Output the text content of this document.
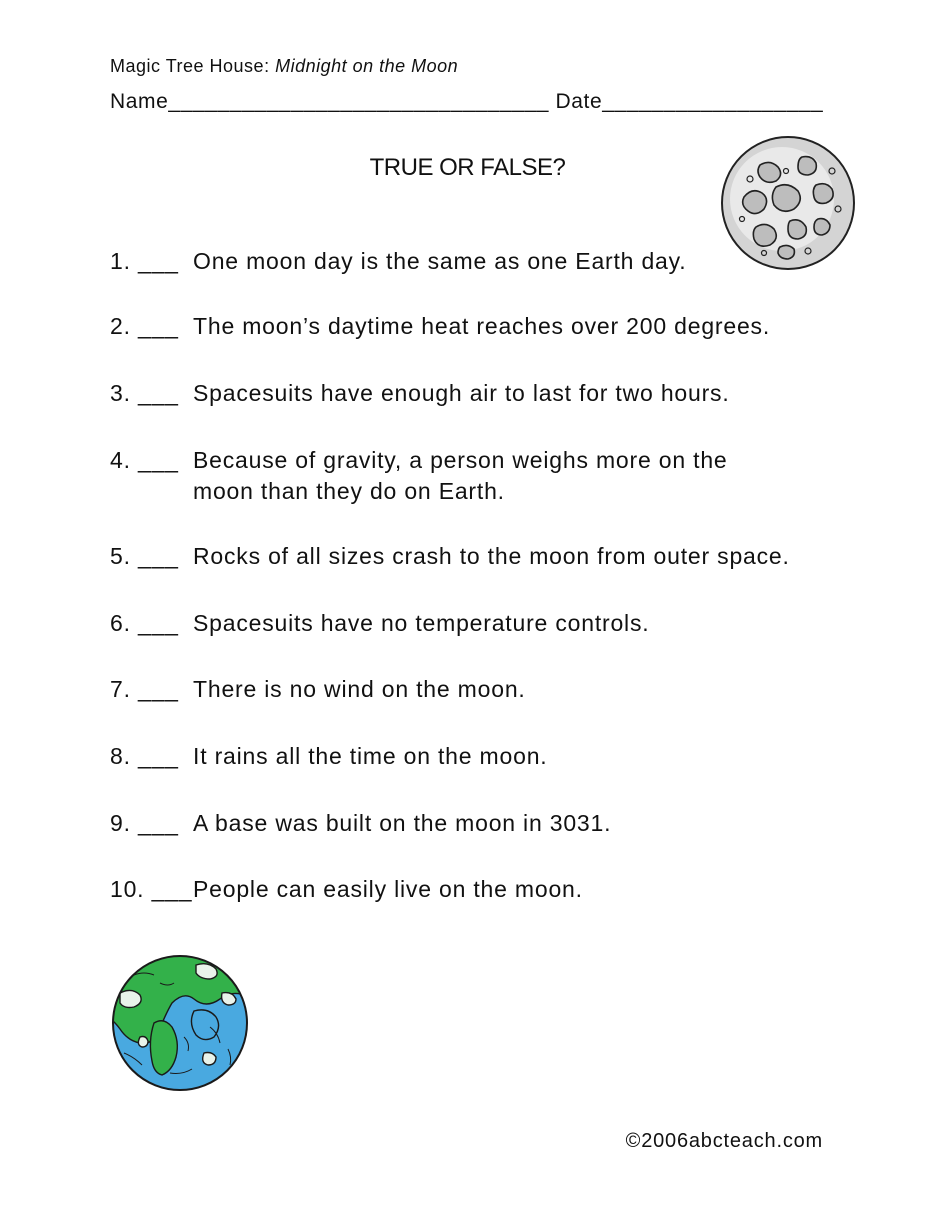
Magic Tree House: Midnight on the Moon
Name_______________________________ Date__________________
TRUE OR FALSE?
1. ___ One moon day is the same as one Earth day.
2. ___ The moon’s daytime heat reaches over 200 degrees.
3. ___ Spacesuits have enough air to last for two hours.
4. ___ Because of gravity, a person weighs more on the
moon than they do on Earth.
5. ___ Rocks of all sizes crash to the moon from outer space.
6. ___ Spacesuits have no temperature controls.
7. ___ There is no wind on the moon.
8. ___ It rains all the time on the moon.
9. ___ A base was built on the moon in 3031.
10. ___ People can easily live on the moon.
©2006abcteach.com
